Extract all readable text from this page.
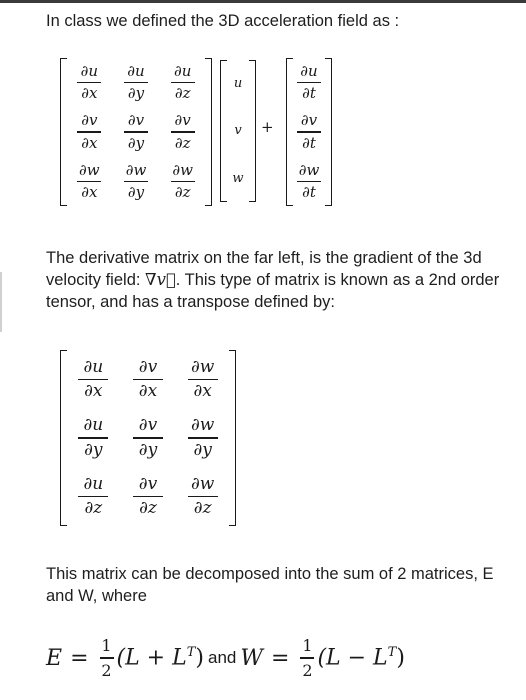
In class we defined the 3D acceleration field as :

$\frac{\partial u}{\partial x} \frac{\partial u}{\partial y} \frac{\partial u}{\partial z}$
$\frac{\partial v}{\partial x} \frac{\partial v}{\partial y} \frac{\partial v}{\partial z}$
$\frac{\partial w}{\partial x} \frac{\partial w}{\partial y} \frac{\partial w}{\partial z}$
u
v
w
+
$\frac{\partial u}{\partial t}$
$\frac{\partial v}{\partial t}$
$\frac{\partial w}{\partial t}$

The derivative matrix on the far left, is the gradient of the 3d velocity field: ∇v⃗. This type of matrix is known as a 2nd order tensor, and has a transpose defined by:

$\frac{\partial u}{\partial x} \frac{\partial v}{\partial x} \frac{\partial w}{\partial x}$
$\frac{\partial u}{\partial y} \frac{\partial v}{\partial y} \frac{\partial w}{\partial y}$
$\frac{\partial u}{\partial z} \frac{\partial v}{\partial z} \frac{\partial w}{\partial z}$

This matrix can be decomposed into the sum of 2 matrices, E and W, where

$E = \frac{1}{2} (L + L^T)$ and $W = \frac{1}{2} (L - L^T)$
